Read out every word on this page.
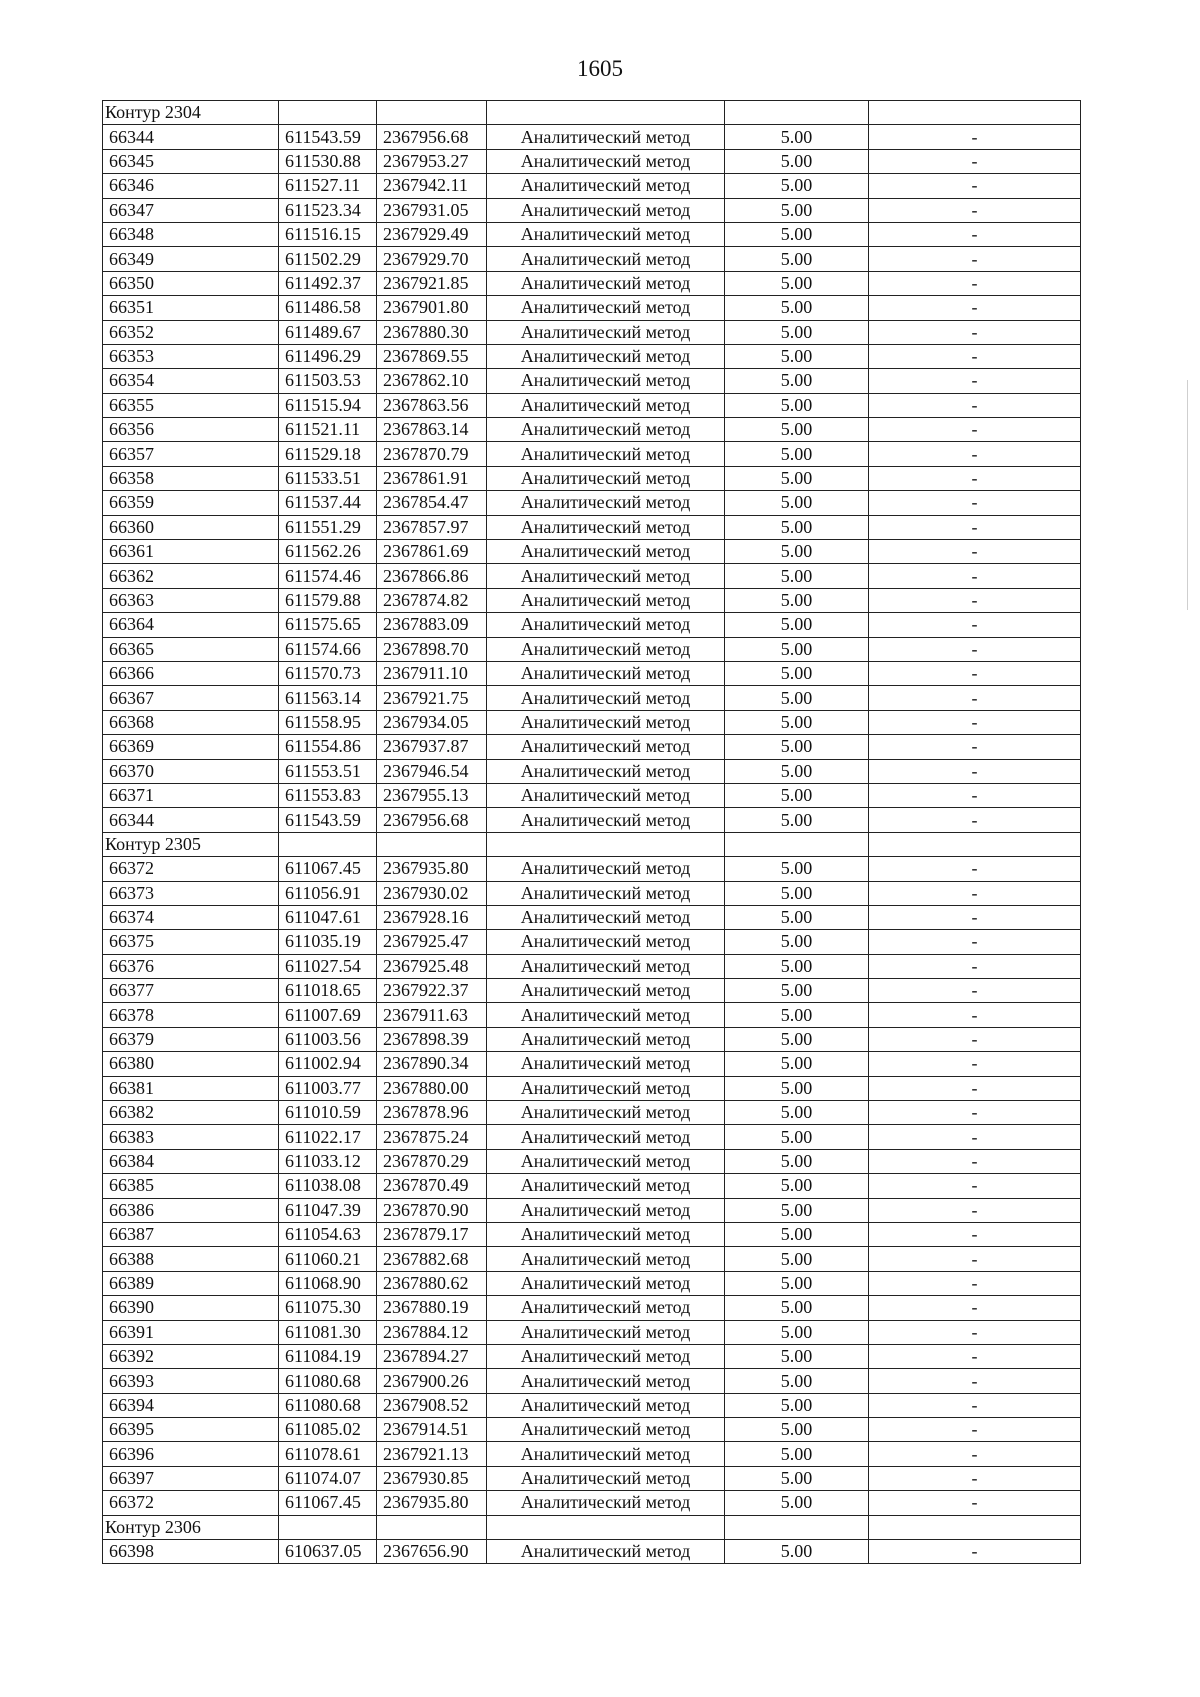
1605
Контур 2304					
66344	611543.59	2367956.68	Аналитический метод	5.00	-
66345	611530.88	2367953.27	Аналитический метод	5.00	-
66346	611527.11	2367942.11	Аналитический метод	5.00	-
66347	611523.34	2367931.05	Аналитический метод	5.00	-
66348	611516.15	2367929.49	Аналитический метод	5.00	-
66349	611502.29	2367929.70	Аналитический метод	5.00	-
66350	611492.37	2367921.85	Аналитический метод	5.00	-
66351	611486.58	2367901.80	Аналитический метод	5.00	-
66352	611489.67	2367880.30	Аналитический метод	5.00	-
66353	611496.29	2367869.55	Аналитический метод	5.00	-
66354	611503.53	2367862.10	Аналитический метод	5.00	-
66355	611515.94	2367863.56	Аналитический метод	5.00	-
66356	611521.11	2367863.14	Аналитический метод	5.00	-
66357	611529.18	2367870.79	Аналитический метод	5.00	-
66358	611533.51	2367861.91	Аналитический метод	5.00	-
66359	611537.44	2367854.47	Аналитический метод	5.00	-
66360	611551.29	2367857.97	Аналитический метод	5.00	-
66361	611562.26	2367861.69	Аналитический метод	5.00	-
66362	611574.46	2367866.86	Аналитический метод	5.00	-
66363	611579.88	2367874.82	Аналитический метод	5.00	-
66364	611575.65	2367883.09	Аналитический метод	5.00	-
66365	611574.66	2367898.70	Аналитический метод	5.00	-
66366	611570.73	2367911.10	Аналитический метод	5.00	-
66367	611563.14	2367921.75	Аналитический метод	5.00	-
66368	611558.95	2367934.05	Аналитический метод	5.00	-
66369	611554.86	2367937.87	Аналитический метод	5.00	-
66370	611553.51	2367946.54	Аналитический метод	5.00	-
66371	611553.83	2367955.13	Аналитический метод	5.00	-
66344	611543.59	2367956.68	Аналитический метод	5.00	-
Контур 2305					
66372	611067.45	2367935.80	Аналитический метод	5.00	-
66373	611056.91	2367930.02	Аналитический метод	5.00	-
66374	611047.61	2367928.16	Аналитический метод	5.00	-
66375	611035.19	2367925.47	Аналитический метод	5.00	-
66376	611027.54	2367925.48	Аналитический метод	5.00	-
66377	611018.65	2367922.37	Аналитический метод	5.00	-
66378	611007.69	2367911.63	Аналитический метод	5.00	-
66379	611003.56	2367898.39	Аналитический метод	5.00	-
66380	611002.94	2367890.34	Аналитический метод	5.00	-
66381	611003.77	2367880.00	Аналитический метод	5.00	-
66382	611010.59	2367878.96	Аналитический метод	5.00	-
66383	611022.17	2367875.24	Аналитический метод	5.00	-
66384	611033.12	2367870.29	Аналитический метод	5.00	-
66385	611038.08	2367870.49	Аналитический метод	5.00	-
66386	611047.39	2367870.90	Аналитический метод	5.00	-
66387	611054.63	2367879.17	Аналитический метод	5.00	-
66388	611060.21	2367882.68	Аналитический метод	5.00	-
66389	611068.90	2367880.62	Аналитический метод	5.00	-
66390	611075.30	2367880.19	Аналитический метод	5.00	-
66391	611081.30	2367884.12	Аналитический метод	5.00	-
66392	611084.19	2367894.27	Аналитический метод	5.00	-
66393	611080.68	2367900.26	Аналитический метод	5.00	-
66394	611080.68	2367908.52	Аналитический метод	5.00	-
66395	611085.02	2367914.51	Аналитический метод	5.00	-
66396	611078.61	2367921.13	Аналитический метод	5.00	-
66397	611074.07	2367930.85	Аналитический метод	5.00	-
66372	611067.45	2367935.80	Аналитический метод	5.00	-
Контур 2306					
66398	610637.05	2367656.90	Аналитический метод	5.00	-
